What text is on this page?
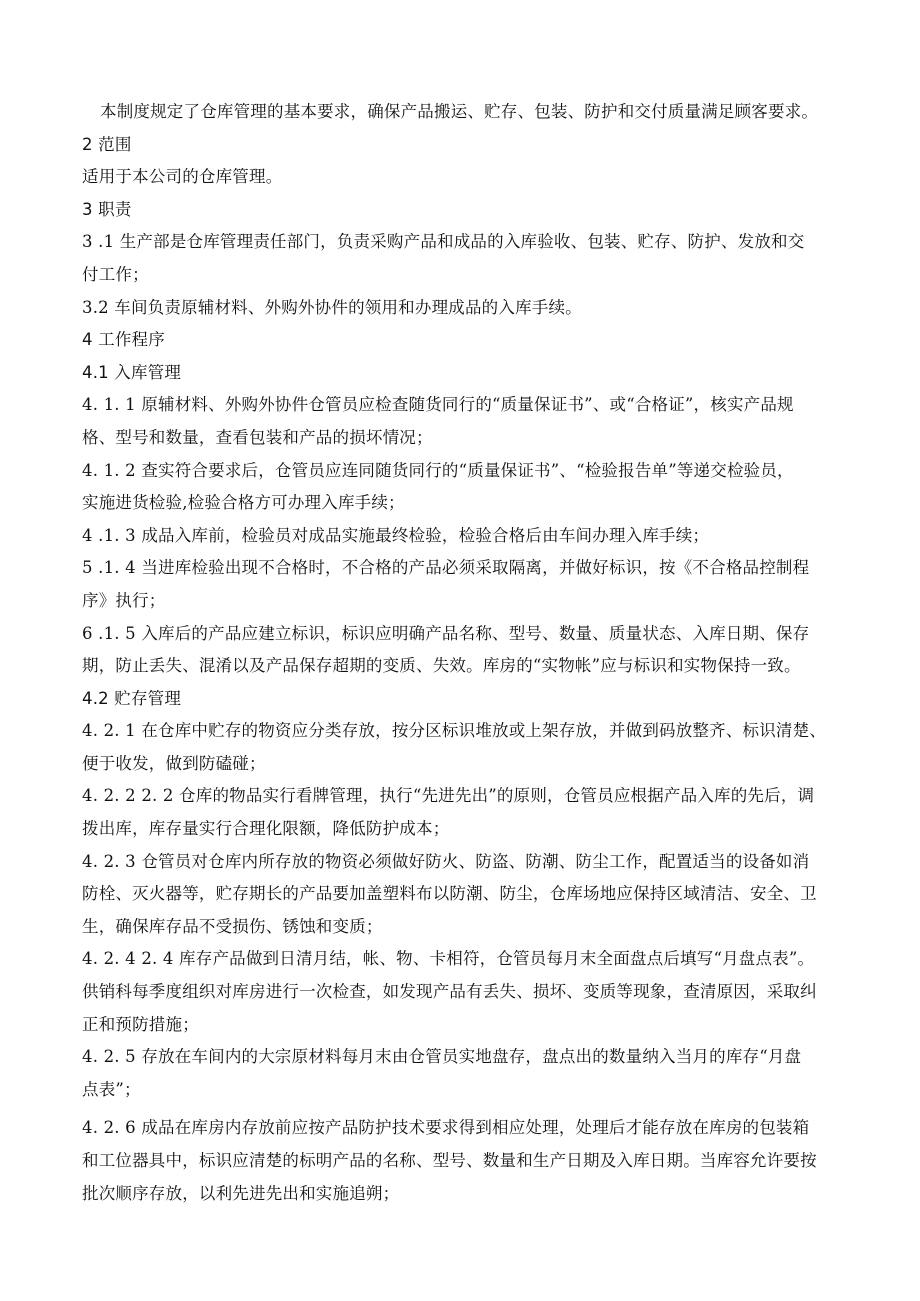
本制度规定了仓库管理的基本要求，确保产品搬运、贮存、包装、防护和交付质量满足顾客要求。

2 范围

适用于本公司的仓库管理。

3 职责

3 .1 生产部是仓库管理责任部门，负责采购产品和成品的入库验收、包装、贮存、防护、发放和交

付工作；

3.2 车间负责原辅材料、外购外协件的领用和办理成品的入库手续。

4 工作程序

4.1 入库管理

4. 1. 1 原辅材料、外购外协件仓管员应检查随货同行的“质量保证书”、或“合格证”，核实产品规

格、型号和数量，查看包装和产品的损坏情况；

4. 1. 2 查实符合要求后，仓管员应连同随货同行的“质量保证书”、“检验报告单”等递交检验员，

实施进货检验,检验合格方可办理入库手续；

4 .1. 3 成品入库前，检验员对成品实施最终检验，检验合格后由车间办理入库手续；

5 .1. 4 当进库检验出现不合格时，不合格的产品必须采取隔离，并做好标识，按《不合格品控制程

序》执行；

6 .1. 5 入库后的产品应建立标识，标识应明确产品名称、型号、数量、质量状态、入库日期、保存

期，防止丢失、混淆以及产品保存超期的变质、失效。库房的“实物帐”应与标识和实物保持一致。

4.2 贮存管理

4. 2. 1 在仓库中贮存的物资应分类存放，按分区标识堆放或上架存放，并做到码放整齐、标识清楚、

便于收发，做到防磕碰；

4. 2. 2 2. 2 仓库的物品实行看牌管理，执行“先进先出”的原则，仓管员应根据产品入库的先后，调

拨出库，库存量实行合理化限额，降低防护成本；

4. 2. 3 仓管员对仓库内所存放的物资必须做好防火、防盗、防潮、防尘工作，配置适当的设备如消

防栓、灭火器等，贮存期长的产品要加盖塑料布以防潮、防尘，仓库场地应保持区域清洁、安全、卫

生，确保库存品不受损伤、锈蚀和变质；

4. 2. 4 2. 4 库存产品做到日清月结，帐、物、卡相符，仓管员每月末全面盘点后填写“月盘点表”。

供销科每季度组织对库房进行一次检查，如发现产品有丢失、损坏、变质等现象，查清原因，采取纠

正和预防措施；

4. 2. 5 存放在车间内的大宗原材料每月末由仓管员实地盘存，盘点出的数量纳入当月的库存“月盘

点表”；

4. 2. 6 成品在库房内存放前应按产品防护技术要求得到相应处理，处理后才能存放在库房的包装箱

和工位器具中，标识应清楚的标明产品的名称、型号、数量和生产日期及入库日期。当库容允许要按

批次顺序存放，以利先进先出和实施追朔；
